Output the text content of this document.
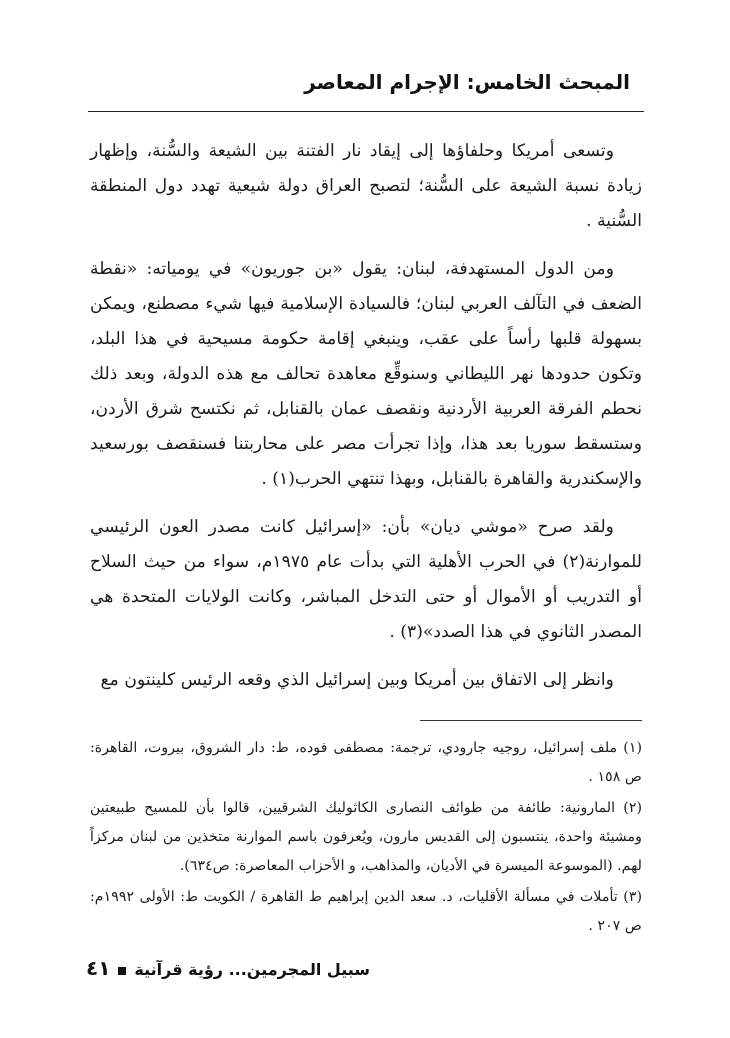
المبحث الخامس: الإجرام المعاصر

وتسعى أمريكا وحلفاؤها إلى إيقاد نار الفتنة بين الشيعة والسُّنة، وإظهار زيادة نسبة الشيعة على السُّنة؛ لتصبح العراق دولة شيعية تهدد دول المنطقة السُّنية .

ومن الدول المستهدفة، لبنان: يقول «بن جوريون» في يومياته: «نقطة الضعف في التآلف العربي لبنان؛ فالسيادة الإسلامية فيها شيء مصطنع، ويمكن بسهولة قلبها رأساً على عقب، وينبغي إقامة حكومة مسيحية في هذا البلد، وتكون حدودها نهر الليطاني وسنوقِّع معاهدة تحالف مع هذه الدولة، وبعد ذلك نحطم الفرقة العربية الأردنية ونقصف عمان بالقنابل، ثم نكتسح شرق الأردن، وستسقط سوريا بعد هذا، وإذا تجرأت مصر على محاربتنا فسنقصف بورسعيد والإسكندرية والقاهرة بالقنابل، وبهذا تنتهي الحرب(١) .

ولقد صرح «موشي ديان» بأن: «إسرائيل كانت مصدر العون الرئيسي للموارنة(٢) في الحرب الأهلية التي بدأت عام ١٩٧٥م، سواء من حيث السلاح أو التدريب أو الأموال أو حتى التدخل المباشر، وكانت الولايات المتحدة هي المصدر الثانوي في هذا الصدد»(٣) .

وانظر إلى الاتفاق بين أمريكا وبين إسرائيل الذي وقعه الرئيس كلينتون مع

(١) ملف إسرائيل، روجيه جارودي، ترجمة: مصطفى فوده، ط: دار الشروق، بيروت، القاهرة: ص ١٥٨ .

(٢) المارونية: طائفة من طوائف النصارى الكاثوليك الشرقيين، قالوا بأن للمسيح طبيعتين ومشيئة واحدة، ينتسبون إلى القديس مارون، ويُعرفون باسم الموارنة متخذين من لبنان مركزاً لهم. (الموسوعة الميسرة في الأديان، والمذاهب، و الأحزاب المعاصرة: ص٦٣٤).

(٣) تأملات في مسألة الأقليات، د. سعد الدين إبراهيم ط القاهرة / الكويت ط: الأولى ١٩٩٢م: ص ٢٠٧ .

سبيل المجرمين... رؤية قرآنية٤١
